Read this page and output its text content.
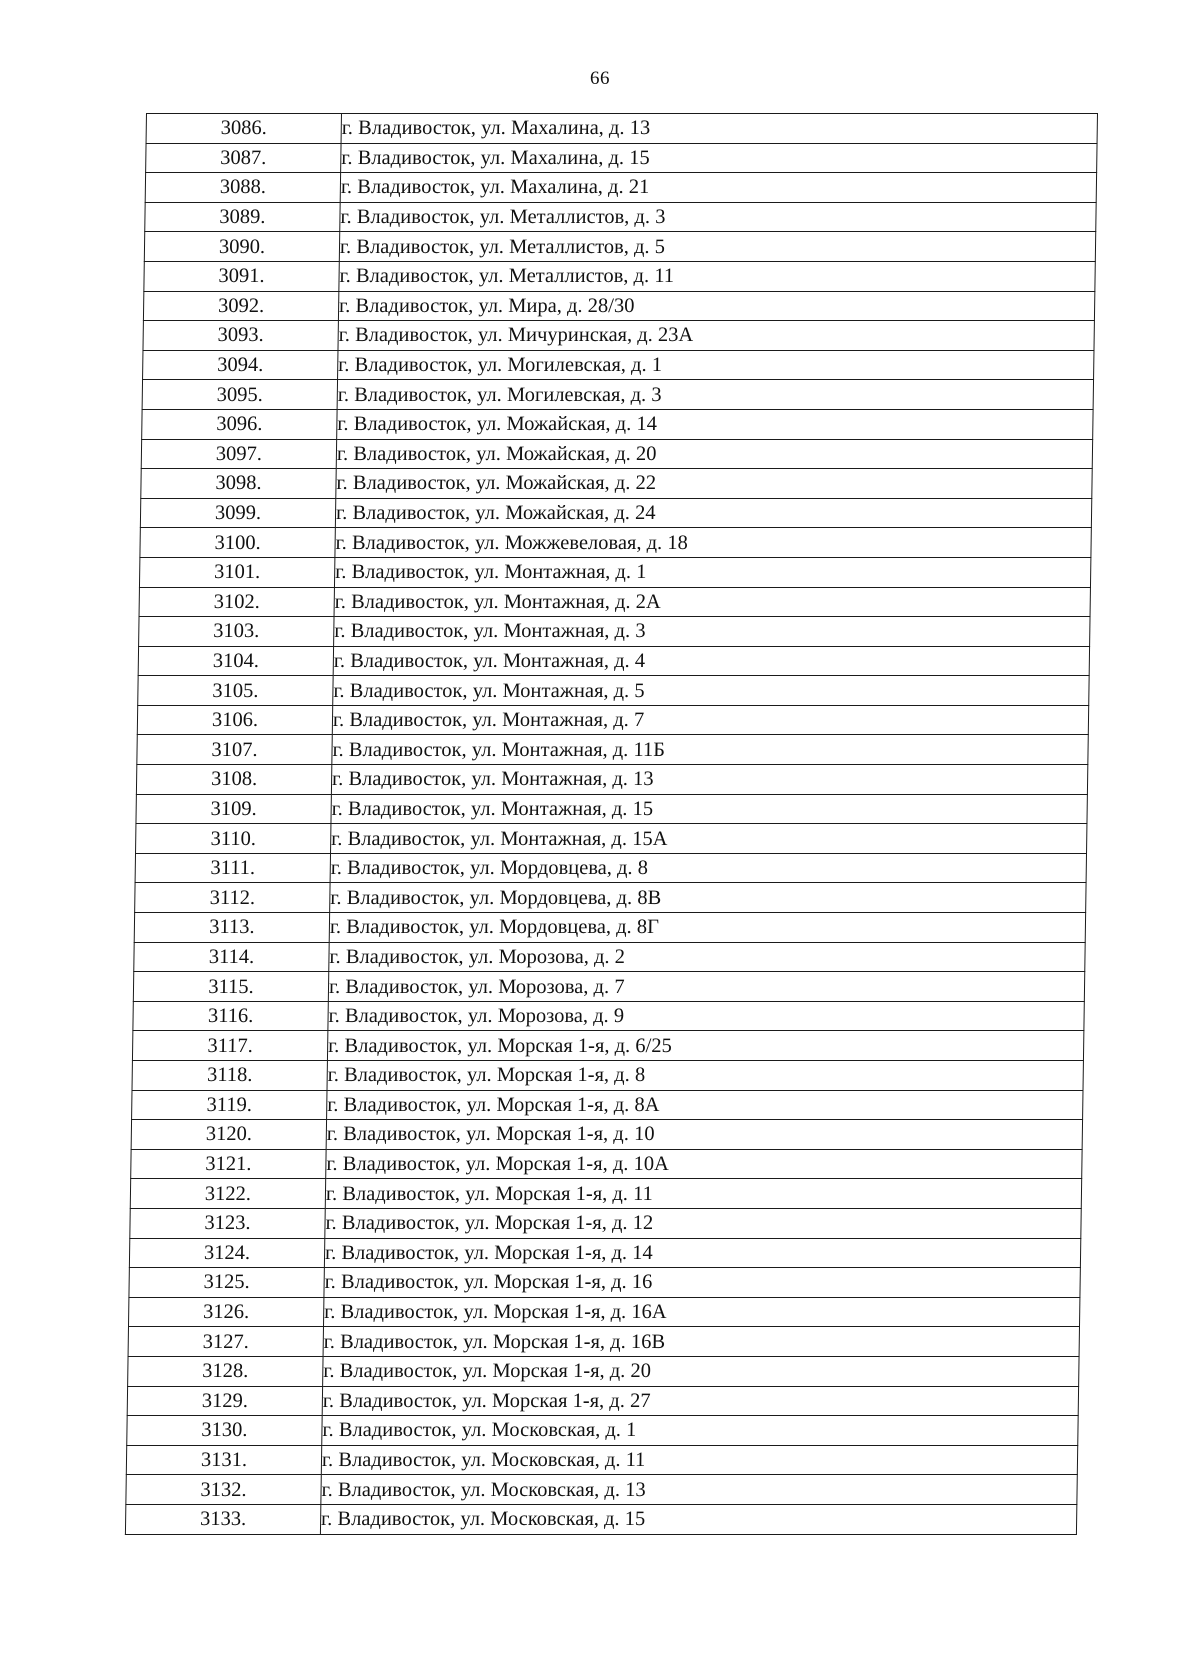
66
3086.	г. Владивосток, ул. Махалина, д. 13
3087.	г. Владивосток, ул. Махалина, д. 15
3088.	г. Владивосток, ул. Махалина, д. 21
3089.	г. Владивосток, ул. Металлистов, д. 3
3090.	г. Владивосток, ул. Металлистов, д. 5
3091.	г. Владивосток, ул. Металлистов, д. 11
3092.	г. Владивосток, ул. Мира, д. 28/30
3093.	г. Владивосток, ул. Мичуринская, д. 23А
3094.	г. Владивосток, ул. Могилевская, д. 1
3095.	г. Владивосток, ул. Могилевская, д. 3
3096.	г. Владивосток, ул. Можайская, д. 14
3097.	г. Владивосток, ул. Можайская, д. 20
3098.	г. Владивосток, ул. Можайская, д. 22
3099.	г. Владивосток, ул. Можайская, д. 24
3100.	г. Владивосток, ул. Можжевеловая, д. 18
3101.	г. Владивосток, ул. Монтажная, д. 1
3102.	г. Владивосток, ул. Монтажная, д. 2А
3103.	г. Владивосток, ул. Монтажная, д. 3
3104.	г. Владивосток, ул. Монтажная, д. 4
3105.	г. Владивосток, ул. Монтажная, д. 5
3106.	г. Владивосток, ул. Монтажная, д. 7
3107.	г. Владивосток, ул. Монтажная, д. 11Б
3108.	г. Владивосток, ул. Монтажная, д. 13
3109.	г. Владивосток, ул. Монтажная, д. 15
3110.	г. Владивосток, ул. Монтажная, д. 15А
3111.	г. Владивосток, ул. Мордовцева, д. 8
3112.	г. Владивосток, ул. Мордовцева, д. 8В
3113.	г. Владивосток, ул. Мордовцева, д. 8Г
3114.	г. Владивосток, ул. Морозова, д. 2
3115.	г. Владивосток, ул. Морозова, д. 7
3116.	г. Владивосток, ул. Морозова, д. 9
3117.	г. Владивосток, ул. Морская 1-я, д. 6/25
3118.	г. Владивосток, ул. Морская 1-я, д. 8
3119.	г. Владивосток, ул. Морская 1-я, д. 8А
3120.	г. Владивосток, ул. Морская 1-я, д. 10
3121.	г. Владивосток, ул. Морская 1-я, д. 10А
3122.	г. Владивосток, ул. Морская 1-я, д. 11
3123.	г. Владивосток, ул. Морская 1-я, д. 12
3124.	г. Владивосток, ул. Морская 1-я, д. 14
3125.	г. Владивосток, ул. Морская 1-я, д. 16
3126.	г. Владивосток, ул. Морская 1-я, д. 16А
3127.	г. Владивосток, ул. Морская 1-я, д. 16В
3128.	г. Владивосток, ул. Морская 1-я, д. 20
3129.	г. Владивосток, ул. Морская 1-я, д. 27
3130.	г. Владивосток, ул. Московская, д. 1
3131.	г. Владивосток, ул. Московская, д. 11
3132.	г. Владивосток, ул. Московская, д. 13
3133.	г. Владивосток, ул. Московская, д. 15
